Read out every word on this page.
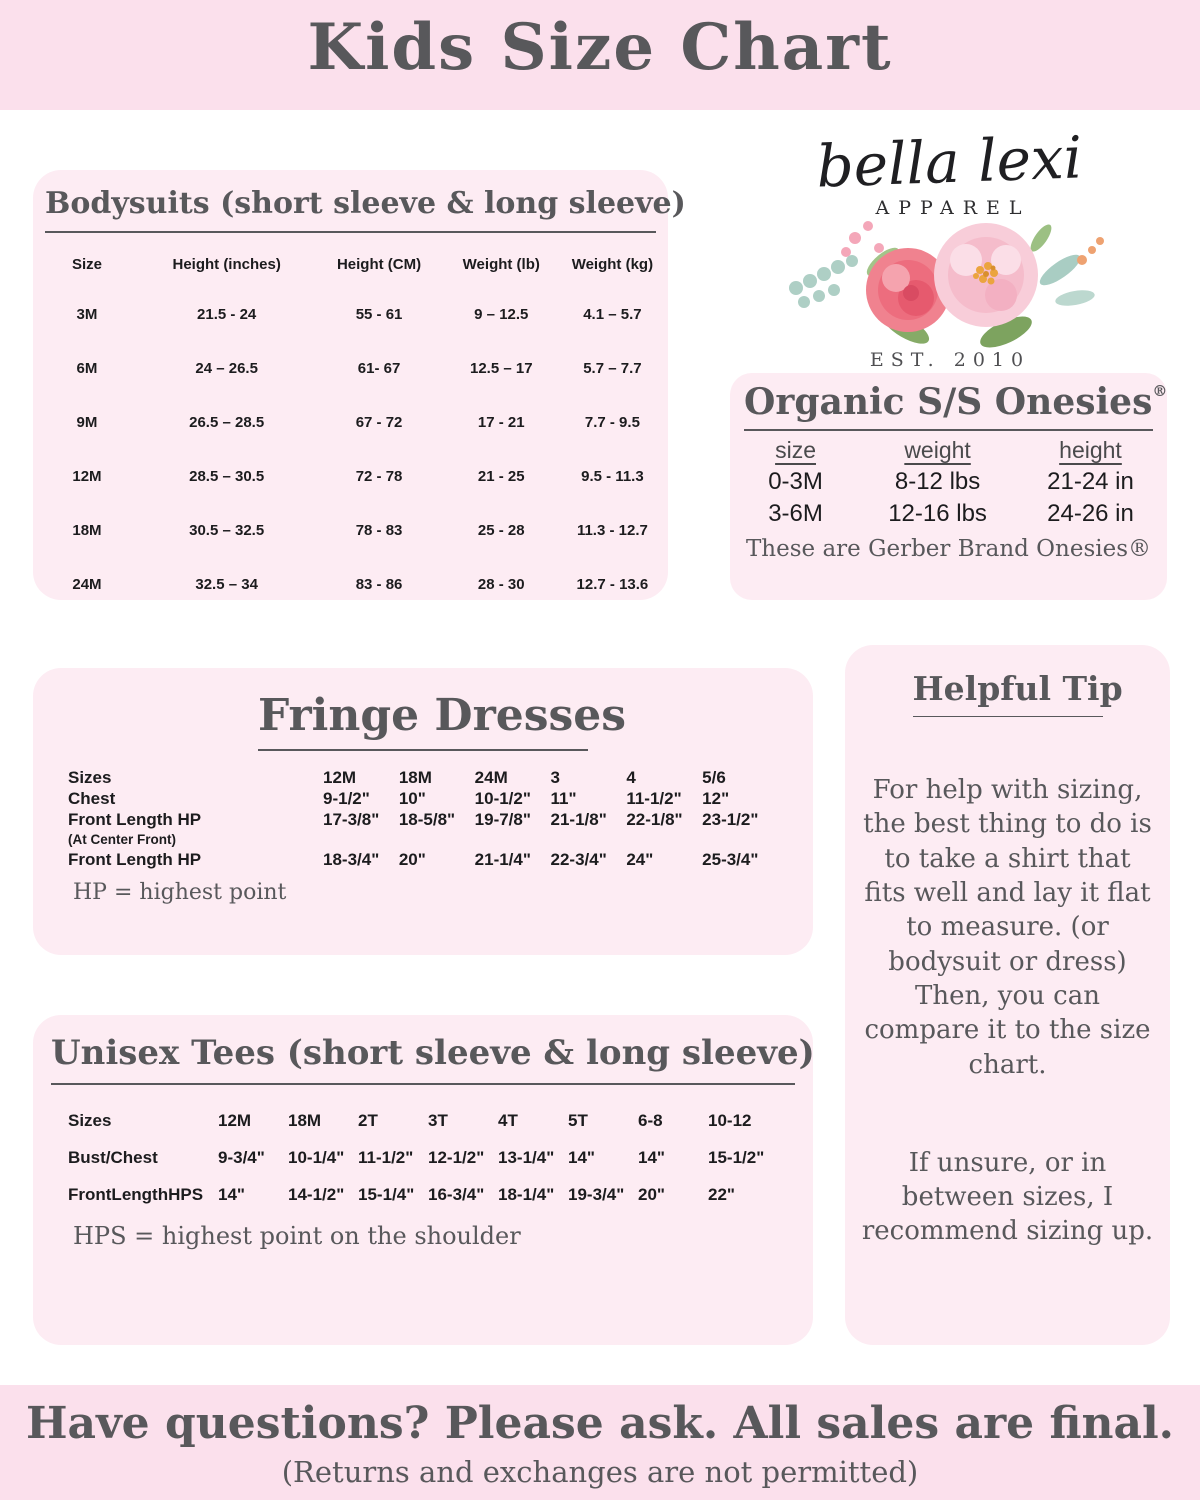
Kids Size Chart
Bodysuits (short sleeve & long sleeve)
Size	Height (inches)	Height (CM)	Weight (lb)	Weight (kg)
3M	21.5 - 24	55 - 61	9 – 12.5	4.1 – 5.7
6M	24 – 26.5	61- 67	12.5 – 17	5.7 – 7.7
9M	26.5 – 28.5	67 - 72	17 - 21	7.7 - 9.5
12M	28.5 – 30.5	72 - 78	21 - 25	9.5 - 11.3
18M	30.5 – 32.5	78 - 83	25 - 28	11.3 - 12.7
24M	32.5 – 34	83 - 86	28 - 30	12.7 - 13.6
bella lexi
APPAREL
EST. 2010
Organic S/S Onesies®
size	weight	height
0-3M	8-12 lbs	21-24 in
3-6M	12-16 lbs	24-26 in
These are Gerber Brand Onesies®
Fringe Dresses
Sizes	12M	18M	24M	3	4	5/6
Chest	9-1/2"	10"	10-1/2"	11"	11-1/2"	12"
Front Length HP	17-3/8"	18-5/8"	19-7/8"	21-1/8"	22-1/8"	23-1/2"
(At Center Front)
Front Length HP	18-3/4"	20"	21-1/4"	22-3/4"	24"	25-3/4"
HP = highest point
Helpful Tip
For help with sizing, the best thing to do is to take a shirt that fits well and lay it flat to measure. (or bodysuit or dress) Then, you can compare it to the size chart.
If unsure, or in between sizes, I recommend sizing up.
Unisex Tees (short sleeve & long sleeve)
Sizes	12M	18M	2T	3T	4T	5T	6-8	10-12
Bust/Chest	9-3/4"	10-1/4" 11-1/2" 12-1/2" 13-1/4" 14"	14"	15-1/2"
FrontLengthHPS 14"	14-1/2" 15-1/4" 16-3/4" 18-1/4" 19-3/4" 20"	22"
HPS = highest point on the shoulder
Have questions? Please ask. All sales are final.
(Returns and exchanges are not permitted)
